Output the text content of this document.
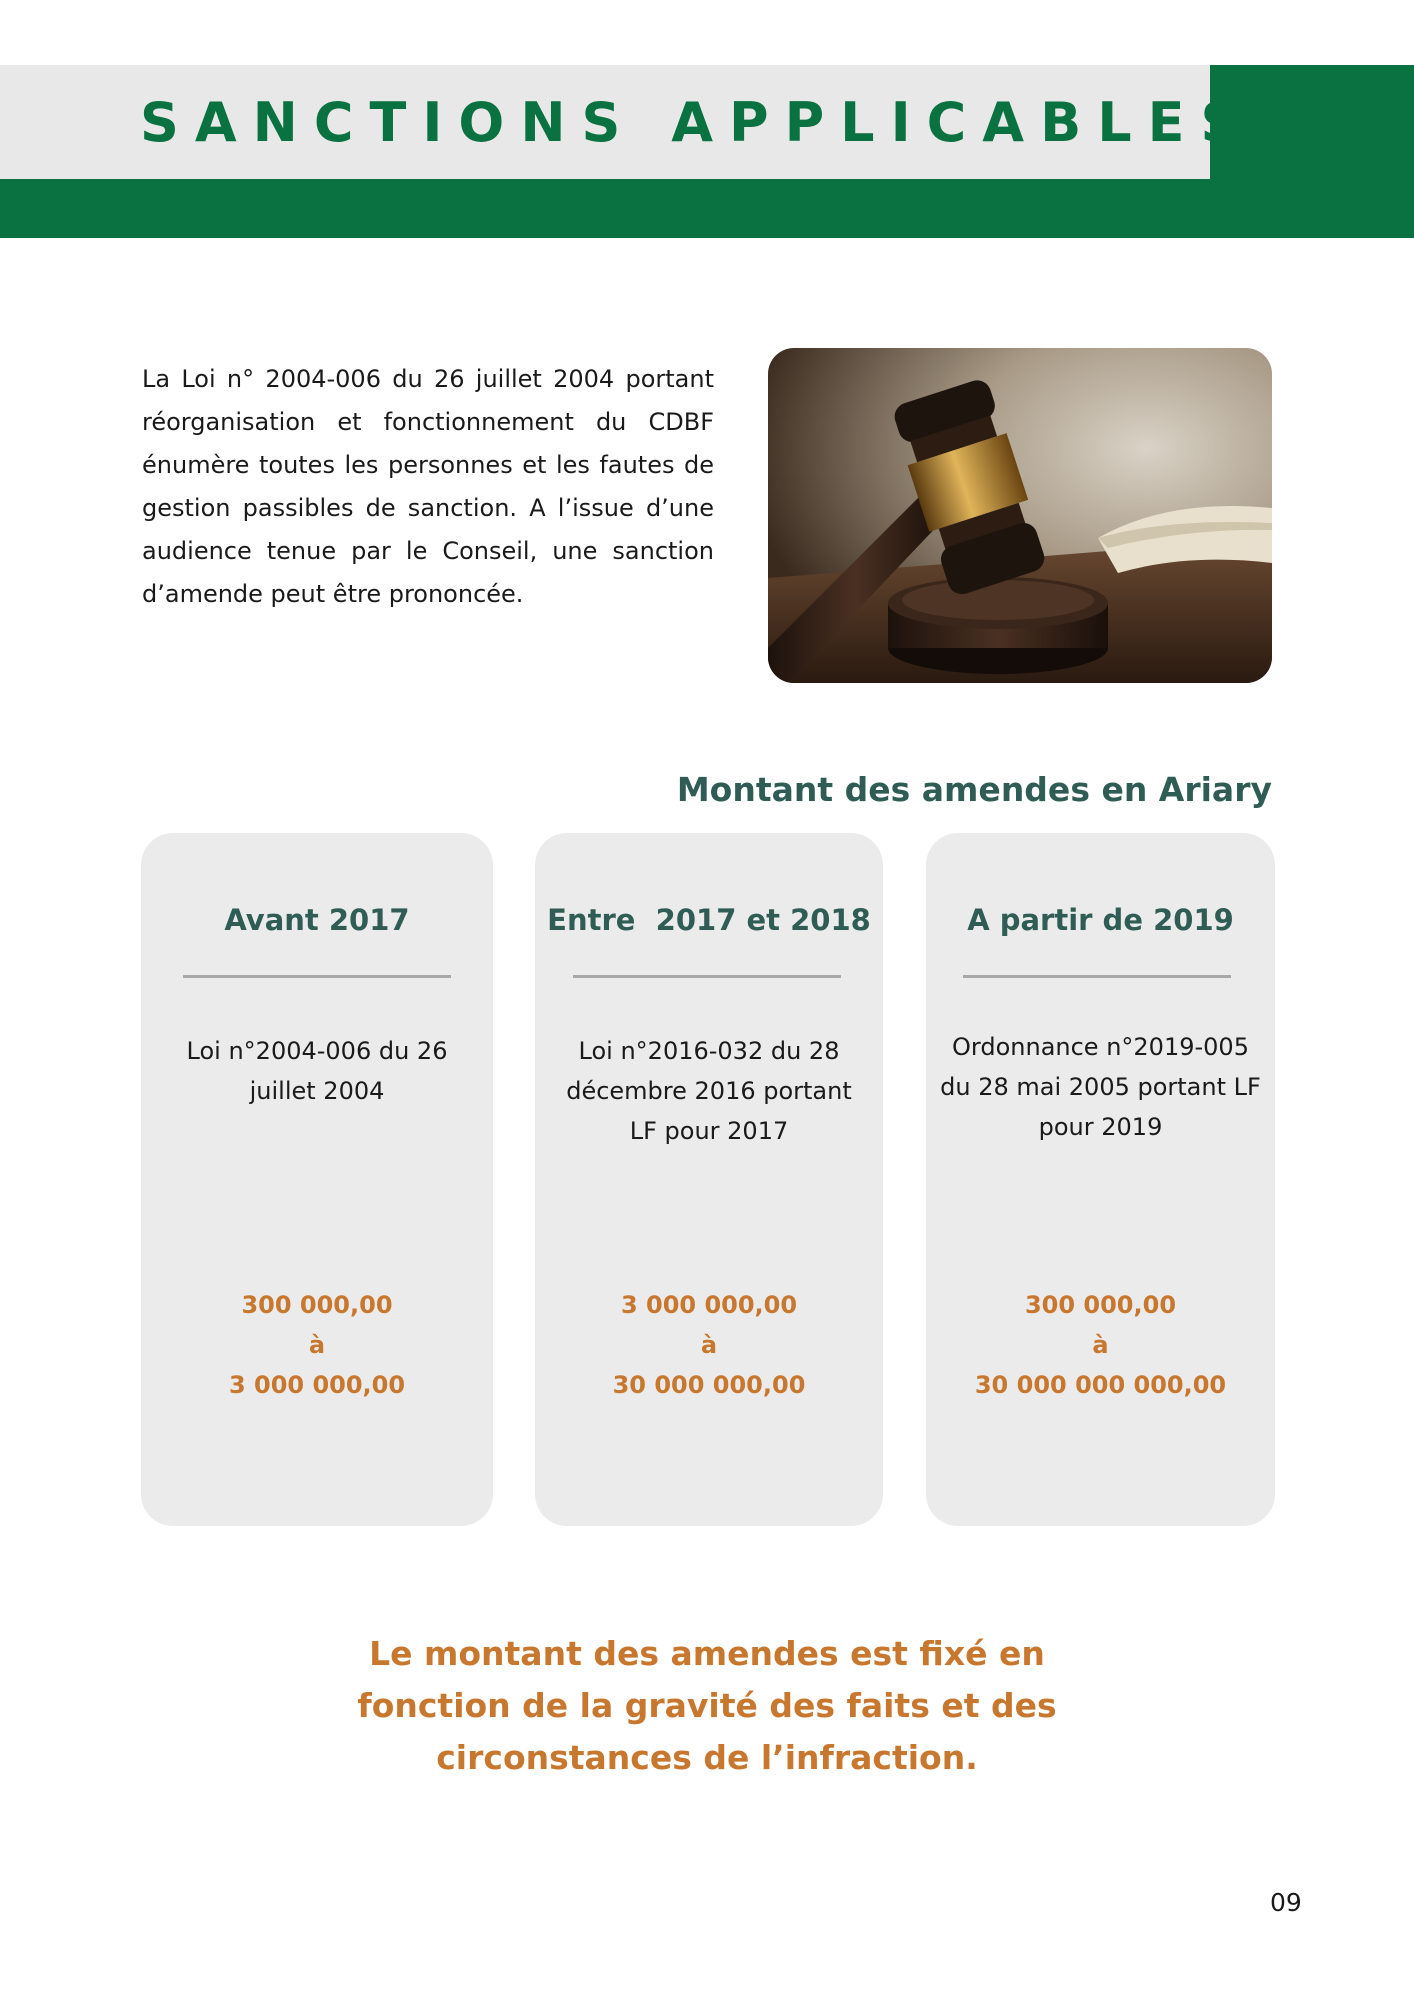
SANCTIONS APPLICABLES

La Loi n° 2004-006 du 26 juillet 2004 portant réorganisation et fonctionnement du CDBF énumère toutes les personnes et les fautes de gestion passibles de sanction. A l’issue d’une audience tenue par le Conseil, une sanction d’amende peut être prononcée.

Montant des amendes en Ariary
Avant 2017
Loi n°2004-006 du 26 juillet 2004
300 000,00
à
3 000 000,00
Entre  2017 et 2018
Loi n°2016-032 du 28 décembre 2016 portant LF pour 2017
3 000 000,00
à
30 000 000,00
A partir de 2019
Ordonnance n°2019-005 du 28 mai 2005 portant LF pour 2019
300 000,00
à
30 000 000 000,00

Le montant des amendes est fixé en fonction de la gravité des faits et des circonstances de l’infraction.

09
